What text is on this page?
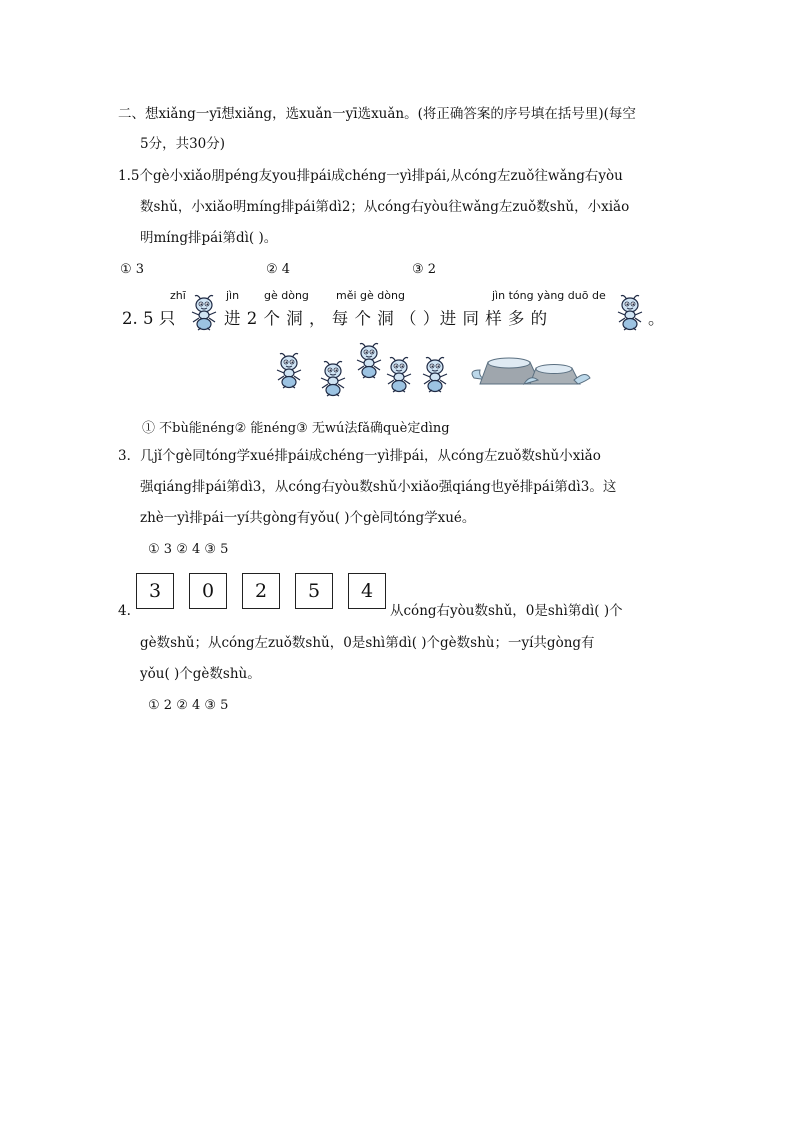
二、想xiǎng一yī想xiǎng，选xuǎn一yī选xuǎn。(将正确答案的序号填在括号里)(每空
5分，共30分)
1.5个gè小xiǎo朋péng友you排pái成chéng一yì排pái,从cóng左zuǒ往wǎng右yòu
数shǔ，小xiǎo明míng排pái第dì2；从cóng右yòu往wǎng左zuǒ数shǔ，小xiǎo
明míng排pái第dì( )。
① 3	② 4	③ 2
zhī	jìn gè dòng měi gè dòng	jìn tóng yàng duō de
2. 5 只	进 2 个 洞 ， 每 个 洞 （ ）进 同 样 多 的	。
① 不bù能néng② 能néng③ 无wú法fǎ确què定dìng
3．几jǐ个gè同tóng学xué排pái成chéng一yì排pái，从cóng左zuǒ数shǔ小xiǎo
强qiáng排pái第dì3，从cóng右yòu数shǔ小xiǎo强qiáng也yě排pái第dì3。这
zhè一yì排pái一yí共gòng有yǒu( )个gè同tóng学xué。
① 3 ② 4 ③ 5
4.
3	0	2	5	4
从cóng右yòu数shǔ，0是shì第dì( )个
gè数shǔ；从cóng左zuǒ数shǔ，0是shì第dì( )个gè数shù；一yí共gòng有
yǒu( )个gè数shù。
① 2 ② 4 ③ 5
